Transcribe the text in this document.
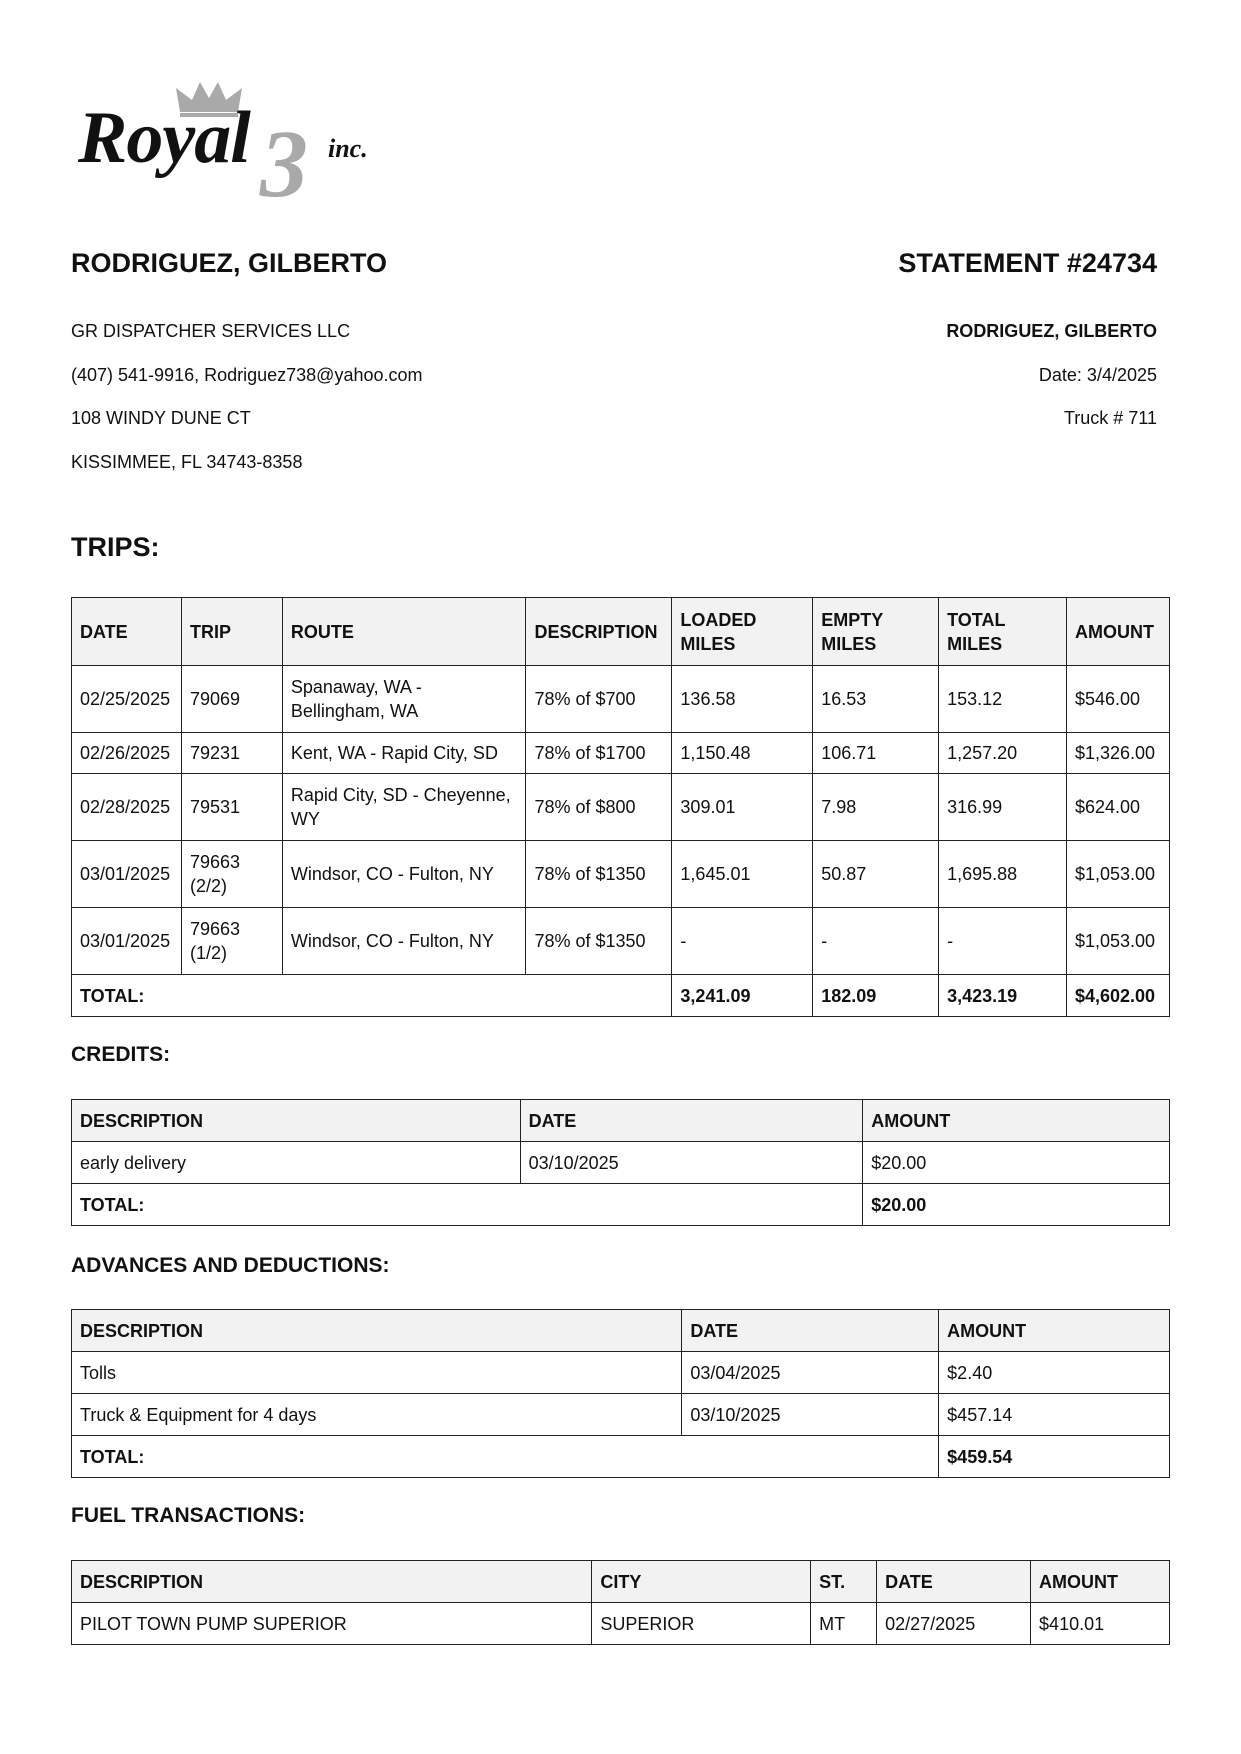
Royal 3 inc.
RODRIGUEZ, GILBERTO	STATEMENT #24734
GR DISPATCHER SERVICES LLC
(407) 541-9916, Rodriguez738@yahoo.com
108 WINDY DUNE CT
KISSIMMEE, FL 34743-8358
RODRIGUEZ, GILBERTO
Date: 3/4/2025
Truck # 711
TRIPS:
DATE	TRIP	ROUTE	DESCRIPTION	LOADED MILES	EMPTY MILES	TOTAL MILES	AMOUNT
02/25/2025	79069	Spanaway, WA - Bellingham, WA	78% of $700	136.58	16.53	153.12	$546.00
02/26/2025	79231	Kent, WA - Rapid City, SD	78% of $1700	1,150.48	106.71	1,257.20	$1,326.00
02/28/2025	79531	Rapid City, SD - Cheyenne, WY	78% of $800	309.01	7.98	316.99	$624.00
03/01/2025	79663 (2/2)	Windsor, CO - Fulton, NY	78% of $1350	1,645.01	50.87	1,695.88	$1,053.00
03/01/2025	79663 (1/2)	Windsor, CO - Fulton, NY	78% of $1350	-	-	-	$1,053.00
TOTAL:				3,241.09	182.09	3,423.19	$4,602.00
CREDITS:
DESCRIPTION	DATE	AMOUNT
early delivery	03/10/2025	$20.00
TOTAL:		$20.00
ADVANCES AND DEDUCTIONS:
DESCRIPTION	DATE	AMOUNT
Tolls	03/04/2025	$2.40
Truck & Equipment for 4 days	03/10/2025	$457.14
TOTAL:		$459.54
FUEL TRANSACTIONS:
DESCRIPTION	CITY	ST.	DATE	AMOUNT
PILOT TOWN PUMP SUPERIOR	SUPERIOR	MT	02/27/2025	$410.01
